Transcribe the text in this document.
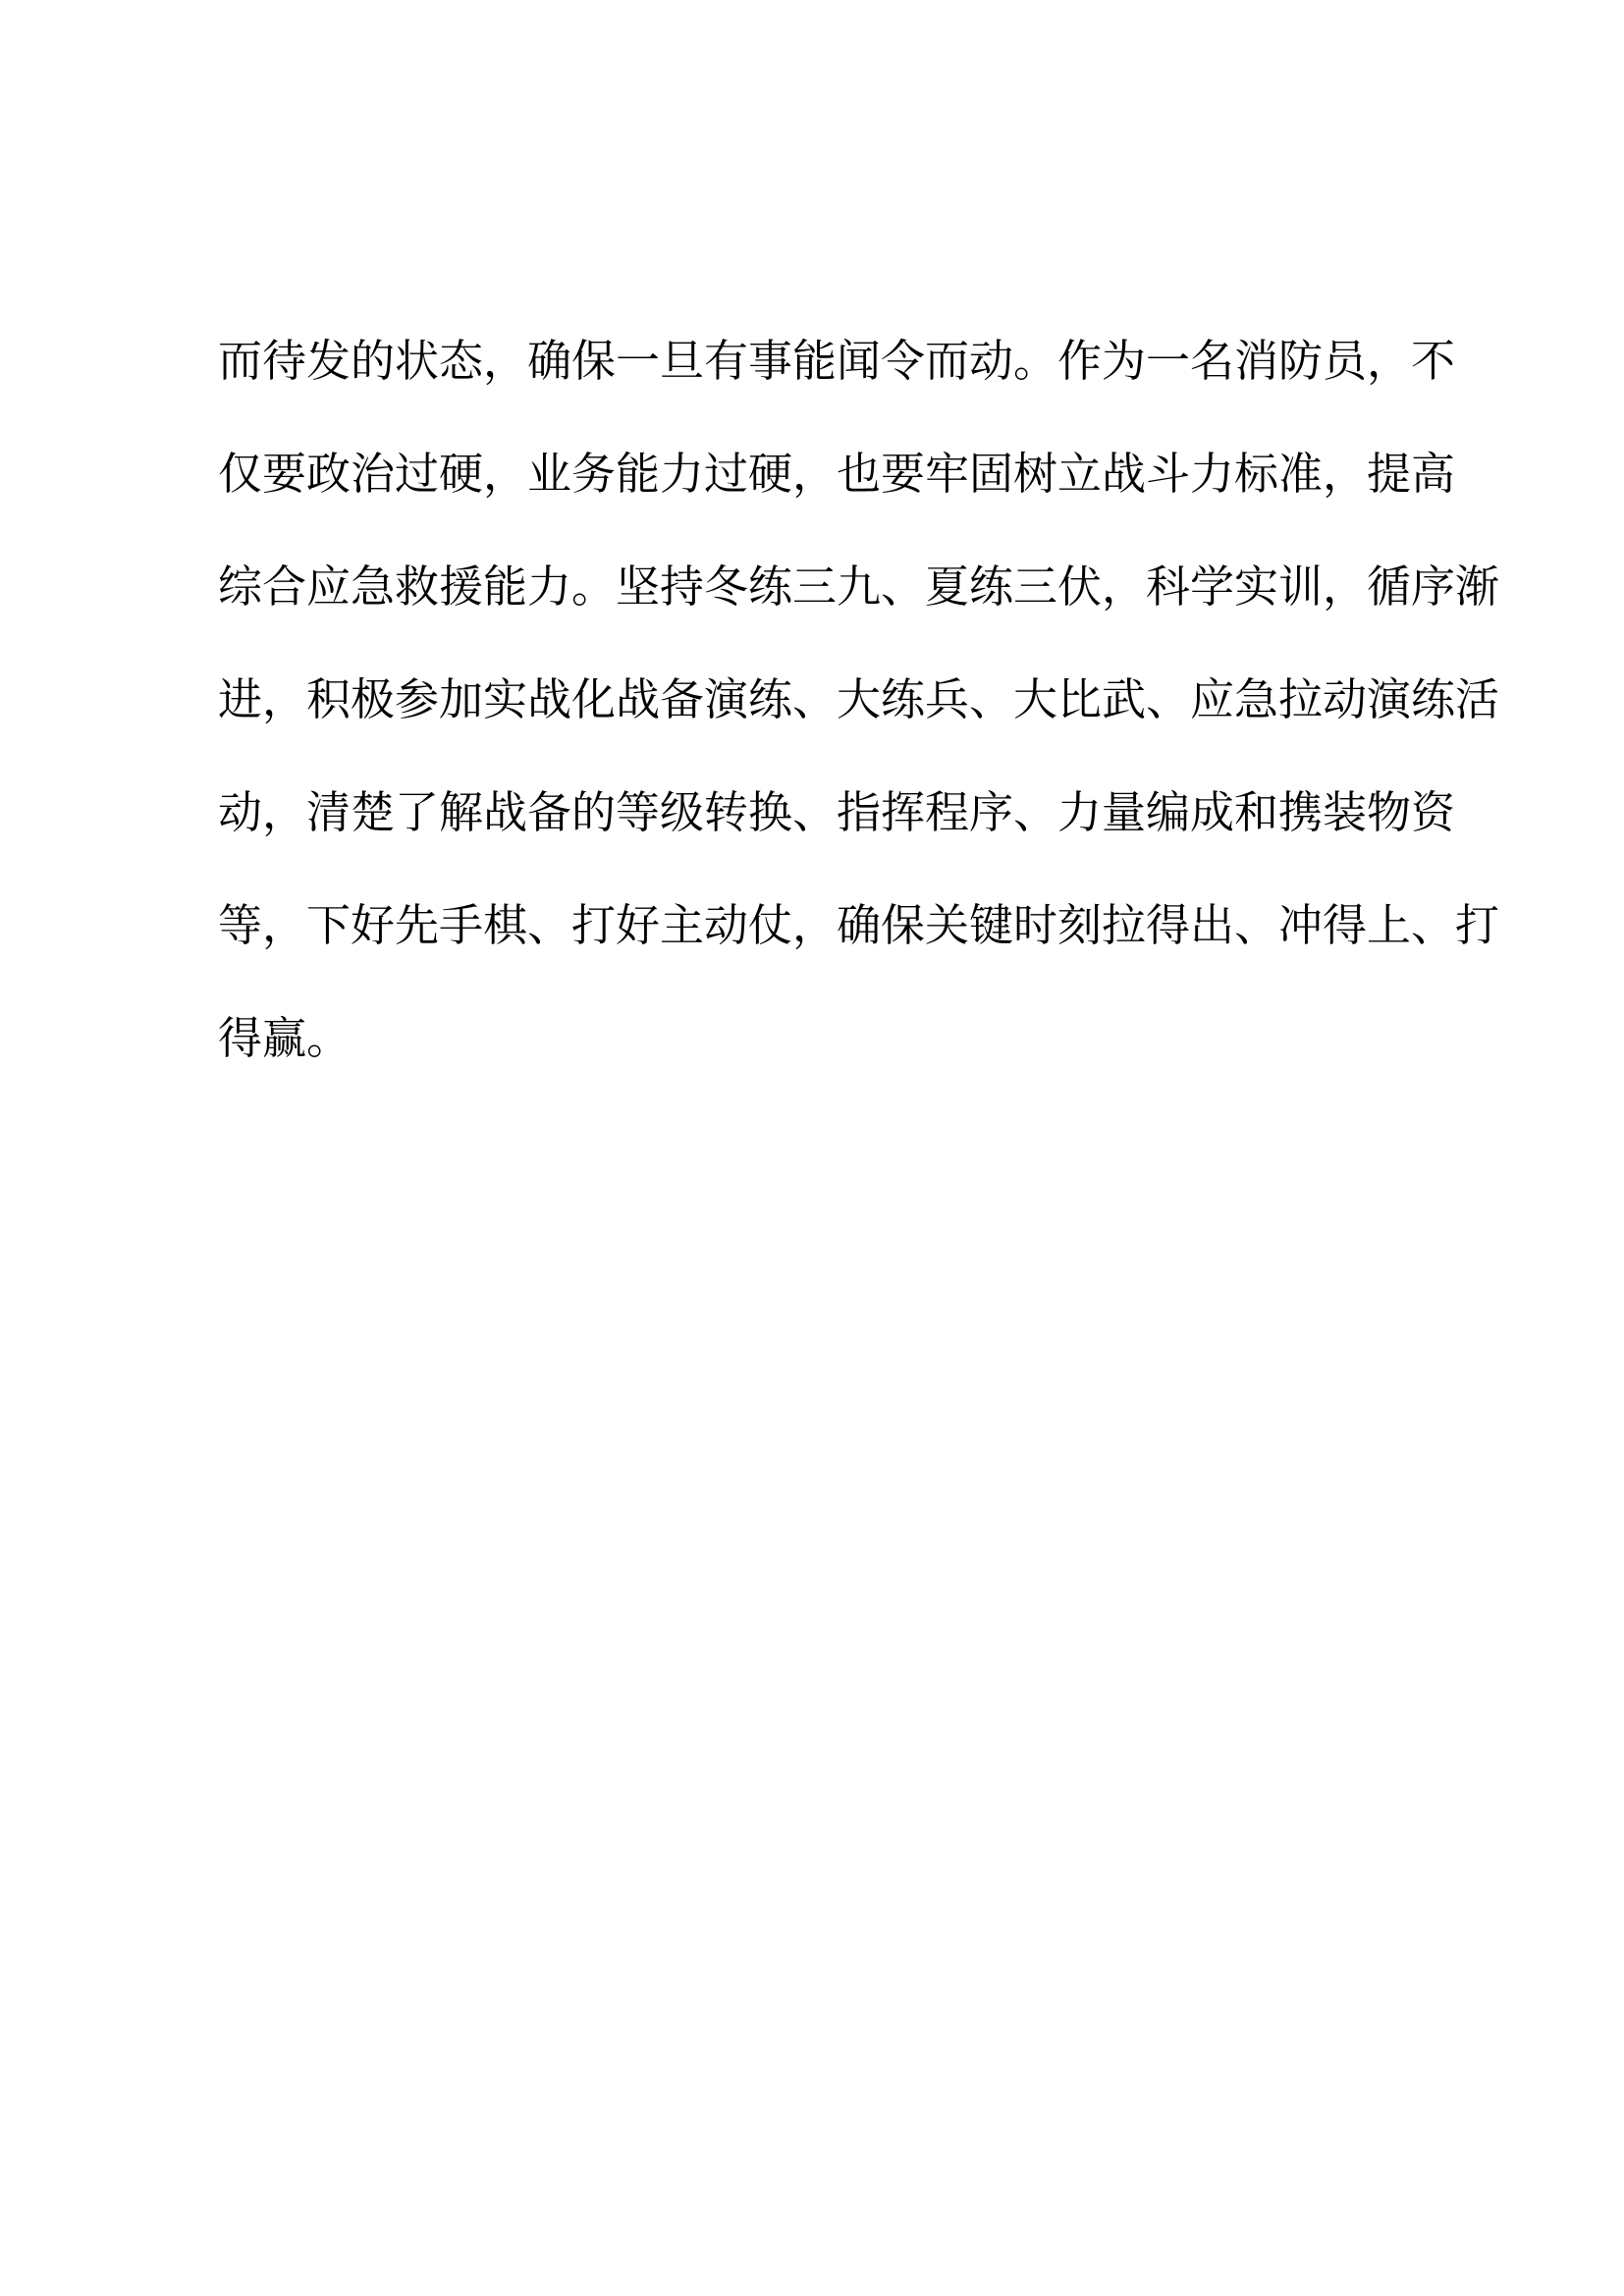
而待发的状态，确保一旦有事能闻令而动。作为一名消防员，不
仅要政治过硬，业务能力过硬，也要牢固树立战斗力标准，提高
综合应急救援能力。坚持冬练三九、夏练三伏，科学实训，循序渐
进，积极参加实战化战备演练、大练兵、大比武、应急拉动演练活
动，清楚了解战备的等级转换、指挥程序、力量编成和携装物资
等，下好先手棋、打好主动仗，确保关键时刻拉得出、冲得上、打
得赢。
